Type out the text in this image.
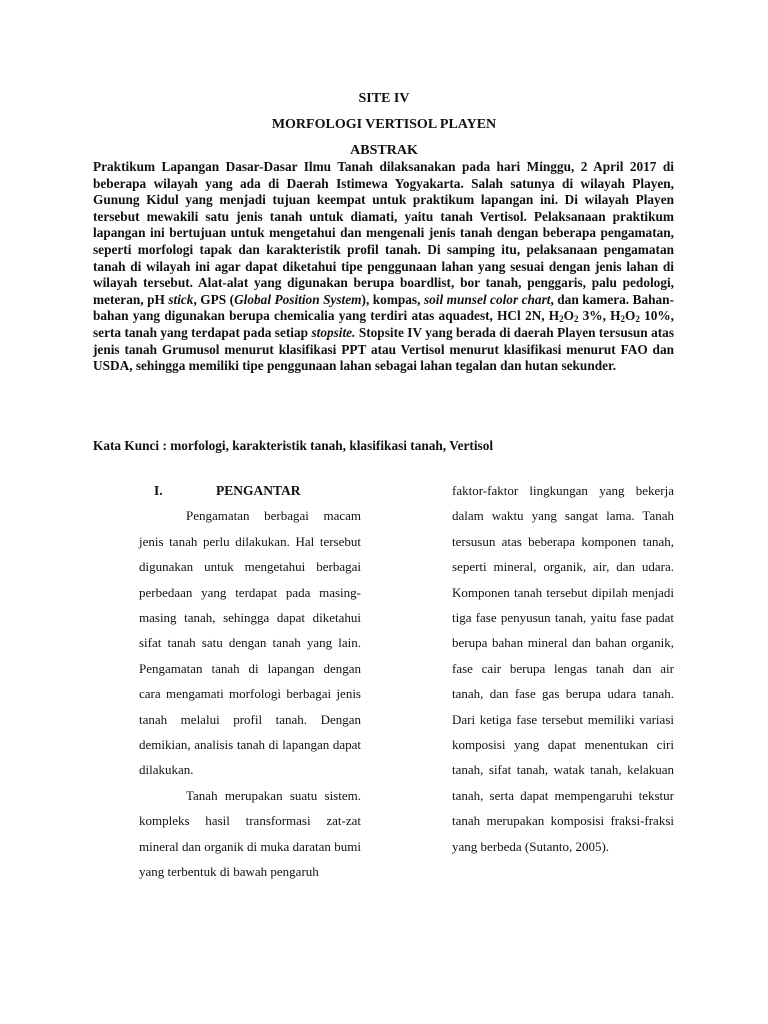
SITE IV
MORFOLOGI VERTISOL PLAYEN
ABSTRAK
Praktikum Lapangan Dasar-Dasar Ilmu Tanah dilaksanakan pada hari Minggu, 2 April 2017 di beberapa wilayah yang ada di Daerah Istimewa Yogyakarta. Salah satunya di wilayah Playen, Gunung Kidul yang menjadi tujuan keempat untuk praktikum lapangan ini. Di wilayah Playen tersebut mewakili satu jenis tanah untuk diamati, yaitu tanah Vertisol. Pelaksanaan praktikum lapangan ini bertujuan untuk mengetahui dan mengenali jenis tanah dengan beberapa pengamatan, seperti morfologi tapak dan karakteristik profil tanah. Di samping itu, pelaksanaan pengamatan tanah di wilayah ini agar dapat diketahui tipe penggunaan lahan yang sesuai dengan jenis lahan di wilayah tersebut. Alat-alat yang digunakan berupa boardlist, bor tanah, penggaris, palu pedologi, meteran, pH stick, GPS (Global Position System), kompas, soil munsel color chart, dan kamera. Bahan-bahan yang digunakan berupa chemicalia yang terdiri atas aquadest, HCl 2N, $H_2O_2$ 3%, $H_2O_2$ 10%, serta tanah yang terdapat pada setiap stopsite. Stopsite IV yang berada di daerah Playen tersusun atas jenis tanah Grumusol menurut klasifikasi PPT atau Vertisol menurut klasifikasi menurut FAO dan USDA, sehingga memiliki tipe penggunaan lahan sebagai lahan tegalan dan hutan sekunder.
Kata Kunci : morfologi, karakteristik tanah, klasifikasi tanah, Vertisol
I.	PENGANTAR

Pengamatan berbagai macam jenis tanah perlu dilakukan. Hal tersebut digunakan untuk mengetahui berbagai perbedaan yang terdapat pada masing-masing tanah, sehingga dapat diketahui sifat tanah satu dengan tanah yang lain. Pengamatan tanah di lapangan dengan cara mengamati morfologi berbagai jenis tanah melalui profil tanah. Dengan demikian, analisis tanah di lapangan dapat dilakukan.

Tanah merupakan suatu sistem. kompleks hasil transformasi zat-zat mineral dan organik di muka daratan bumi yang terbentuk di bawah pengaruh

faktor-faktor lingkungan yang bekerja dalam waktu yang sangat lama. Tanah tersusun atas beberapa komponen tanah, seperti mineral, organik, air, dan udara. Komponen tanah tersebut dipilah menjadi tiga fase penyusun tanah, yaitu fase padat berupa bahan mineral dan bahan organik, fase cair berupa lengas tanah dan air tanah, dan fase gas berupa udara tanah. Dari ketiga fase tersebut memiliki variasi komposisi yang dapat menentukan ciri tanah, sifat tanah, watak tanah, kelakuan tanah, serta dapat mempengaruhi tekstur tanah merupakan komposisi fraksi-fraksi yang berbeda (Sutanto, 2005).
